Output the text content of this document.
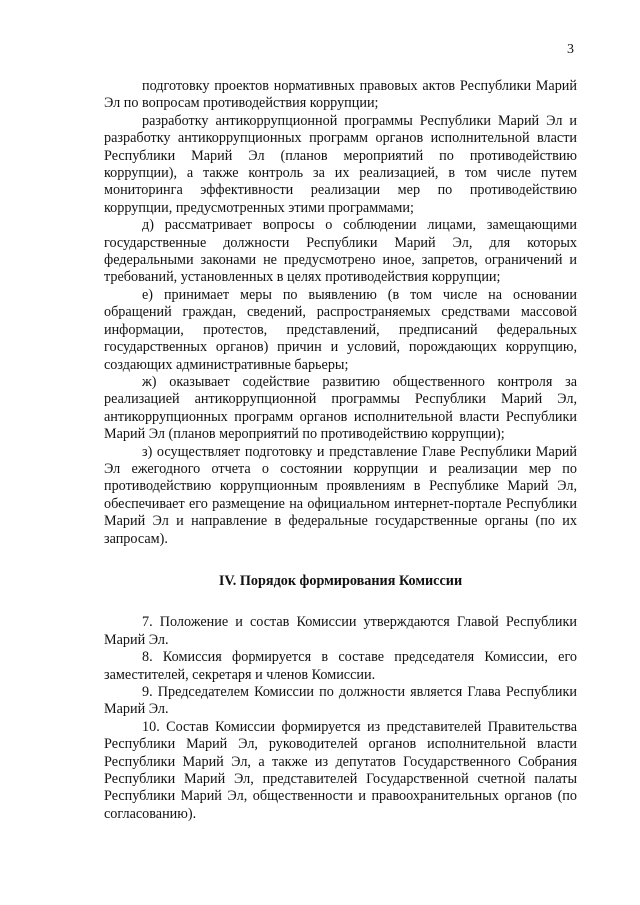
3

подготовку проектов нормативных правовых актов Республики Марий Эл по вопросам противодействия коррупции;

разработку антикоррупционной программы Республики Марий Эл и разработку антикоррупционных программ органов исполнительной власти Республики Марий Эл (планов мероприятий по противодействию коррупции), а также контроль за их реализацией, в том числе путем мониторинга эффективности реализации мер по противодействию коррупции, предусмотренных этими программами;

д) рассматривает вопросы о соблюдении лицами, замещающими государственные должности Республики Марий Эл, для которых федеральными законами не предусмотрено иное, запретов, ограничений и требований, установленных в целях противодействия коррупции;

е) принимает меры по выявлению (в том числе на основании обращений граждан, сведений, распространяемых средствами массовой информации, протестов, представлений, предписаний федеральных государственных органов) причин и условий, порождающих коррупцию, создающих административные барьеры;

ж) оказывает содействие развитию общественного контроля за реализацией антикоррупционной программы Республики Марий Эл, антикоррупционных программ органов исполнительной власти Республики Марий Эл (планов мероприятий по противодействию коррупции);

з) осуществляет подготовку и представление Главе Республики Марий Эл ежегодного отчета о состоянии коррупции и реализации мер по противодействию коррупционным проявлениям в Республике Марий Эл, обеспечивает его размещение на официальном интернет-портале Республики Марий Эл и направление в федеральные государственные органы (по их запросам).

IV. Порядок формирования Комиссии

7. Положение и состав Комиссии утверждаются Главой Республики Марий Эл.

8. Комиссия формируется в составе председателя Комиссии, его заместителей, секретаря и членов Комиссии.

9. Председателем Комиссии по должности является Глава Республики Марий Эл.

10. Состав Комиссии формируется из представителей Правительства Республики Марий Эл, руководителей органов исполнительной власти Республики Марий Эл, а также из депутатов Государственного Собрания Республики Марий Эл, представителей Государственной счетной палаты Республики Марий Эл, общественности и правоохранительных органов (по согласованию).
